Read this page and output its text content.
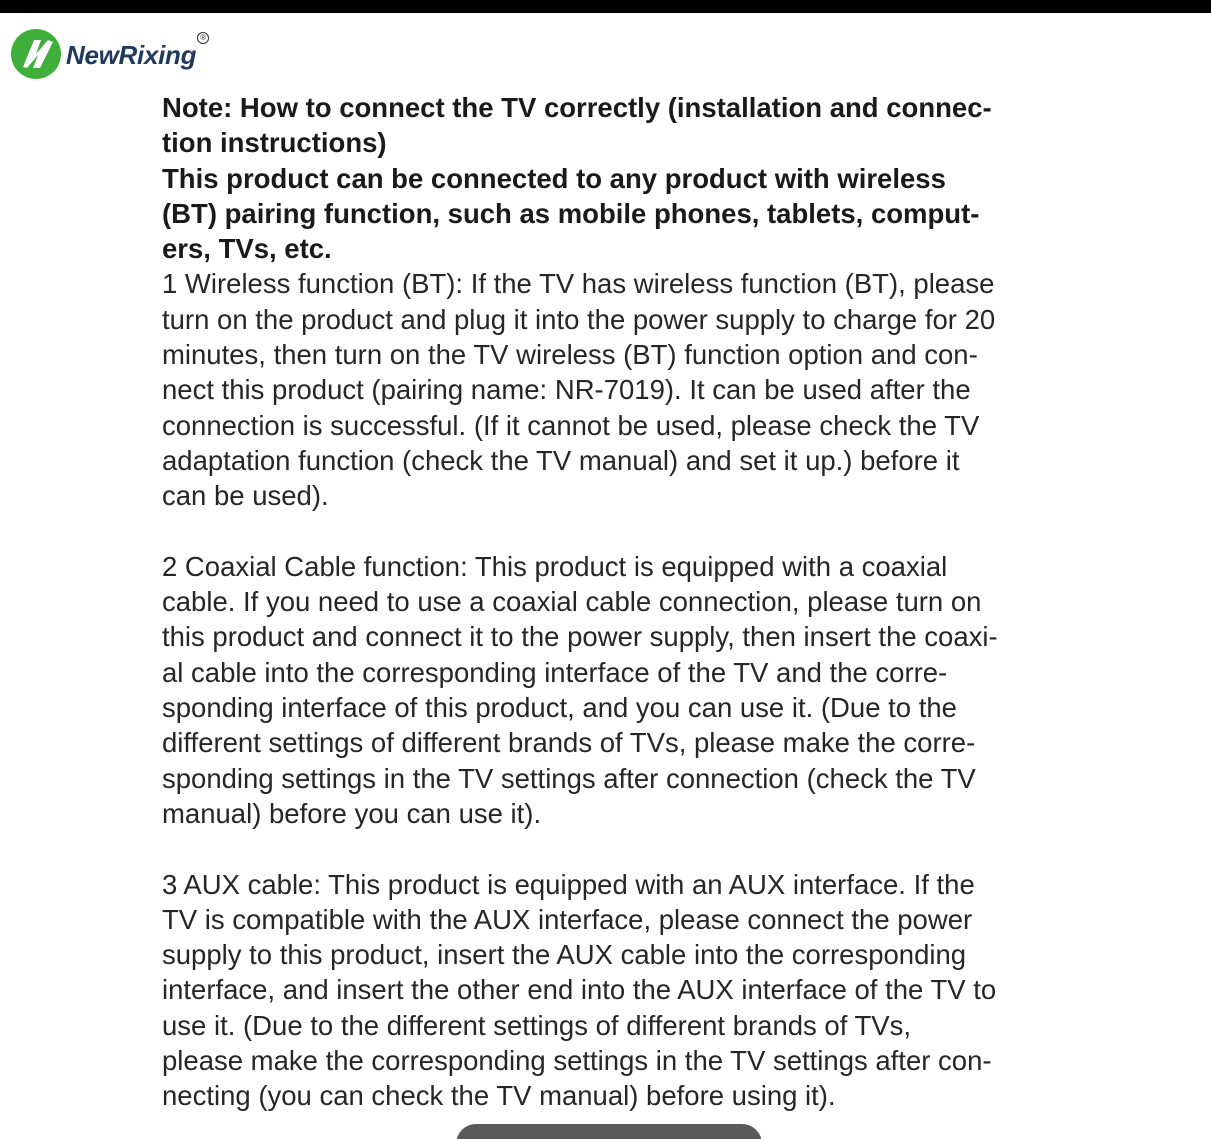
NewRixing
®
Note: How to connect the TV correctly (installation and connec-
tion instructions)
This product can be connected to any product with wireless
(BT) pairing function, such as mobile phones, tablets, comput-
ers, TVs, etc.
1 Wireless function (BT): If the TV has wireless function (BT), please
turn on the product and plug it into the power supply to charge for 20
minutes, then turn on the TV wireless (BT) function option and con-
nect this product (pairing name: NR-7019). It can be used after the
connection is successful. (If it cannot be used, please check the TV
adaptation function (check the TV manual) and set it up.) before it
can be used).
2 Coaxial Cable function: This product is equipped with a coaxial
cable. If you need to use a coaxial cable connection, please turn on
this product and connect it to the power supply, then insert the coaxi-
al cable into the corresponding interface of the TV and the corre-
sponding interface of this product, and you can use it. (Due to the
different settings of different brands of TVs, please make the corre-
sponding settings in the TV settings after connection (check the TV
manual) before you can use it).
3 AUX cable: This product is equipped with an AUX interface. If the
TV is compatible with the AUX interface, please connect the power
supply to this product, insert the AUX cable into the corresponding
interface, and insert the other end into the AUX interface of the TV to
use it. (Due to the different settings of different brands of TVs,
please make the corresponding settings in the TV settings after con-
necting (you can check the TV manual) before using it).
